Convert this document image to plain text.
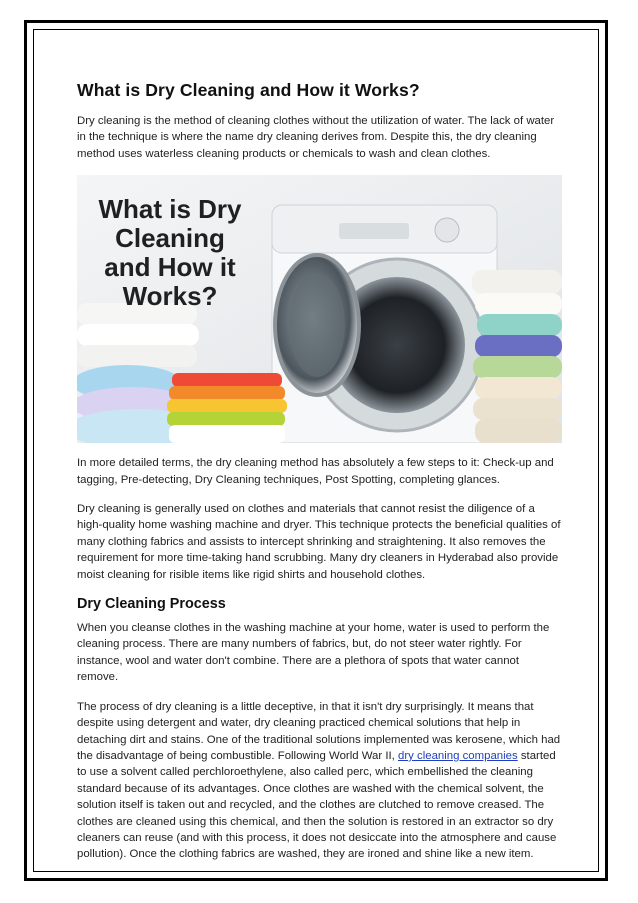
What is Dry Cleaning and How it Works?

Dry cleaning is the method of cleaning clothes without the utilization of water. The lack of water in the technique is where the name dry cleaning derives from. Despite this, the dry cleaning method uses waterless cleaning products or chemicals to wash and clean clothes.

What is Dry Cleaning and How it Works?

In more detailed terms, the dry cleaning method has absolutely a few steps to it: Check-up and tagging, Pre-detecting, Dry Cleaning techniques, Post Spotting, completing glances.

Dry cleaning is generally used on clothes and materials that cannot resist the diligence of a high-quality home washing machine and dryer. This technique protects the beneficial qualities of many clothing fabrics and assists to intercept shrinking and straightening. It also removes the requirement for more time-taking hand scrubbing. Many dry cleaners in Hyderabad also provide moist cleaning for risible items like rigid shirts and household clothes.

Dry Cleaning Process

When you cleanse clothes in the washing machine at your home, water is used to perform the cleaning process. There are many numbers of fabrics, but, do not steer water rightly. For instance, wool and water don't combine. There are a plethora of spots that water cannot remove.

The process of dry cleaning is a little deceptive, in that it isn't dry surprisingly. It means that despite using detergent and water, dry cleaning practiced chemical solutions that help in detaching dirt and stains. One of the traditional solutions implemented was kerosene, which had the disadvantage of being combustible. Following World War II, dry cleaning companies started to use a solvent called perchloroethylene, also called perc, which embellished the cleaning standard because of its advantages. Once clothes are washed with the chemical solvent, the solution itself is taken out and recycled, and the clothes are clutched to remove creased. The clothes are cleaned using this chemical, and then the solution is restored in an extractor so dry cleaners can reuse (and with this process, it does not desiccate into the atmosphere and cause pollution). Once the clothing fabrics are washed, they are ironed and shine like a new item.
